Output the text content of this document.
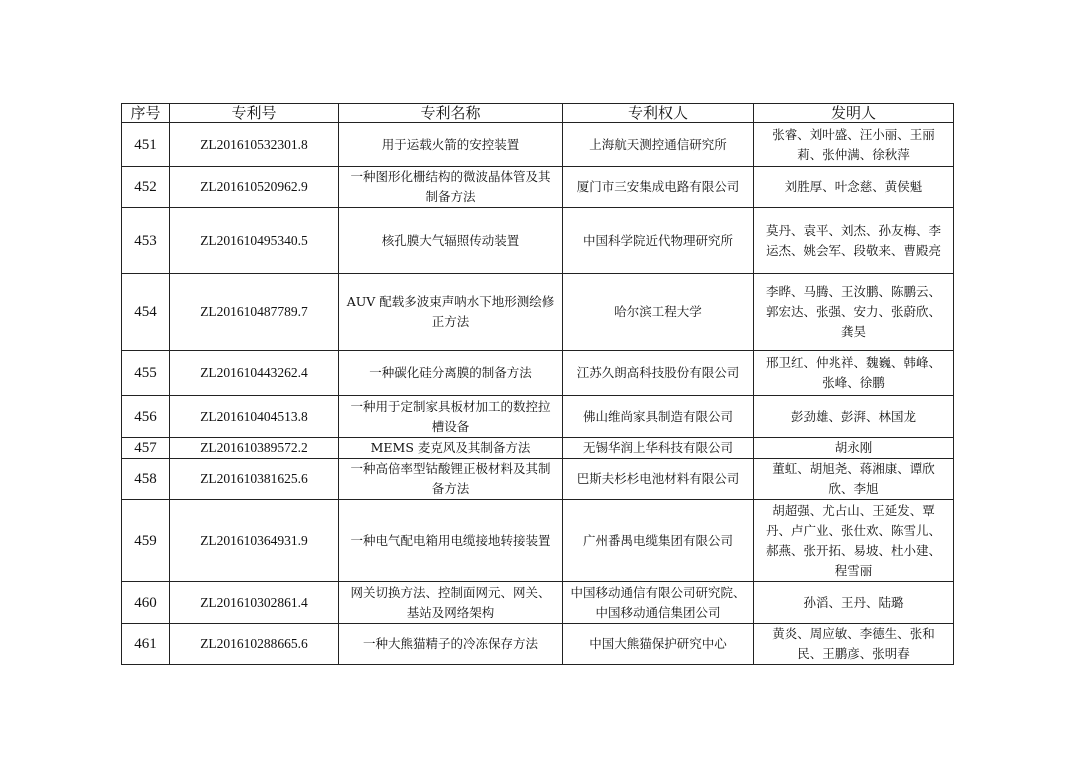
序号	专利号	专利名称	专利权人	发明人
451	ZL201610532301.8	用于运载火箭的安控装置	上海航天测控通信研究所	张睿、刘叶盛、汪小丽、王丽莉、张仲满、徐秋萍
452	ZL201610520962.9	一种图形化栅结构的微波晶体管及其制备方法	厦门市三安集成电路有限公司	刘胜厚、叶念慈、黄侯魁
453	ZL201610495340.5	核孔膜大气辐照传动装置	中国科学院近代物理研究所	莫丹、袁平、刘杰、孙友梅、李运杰、姚会军、段敬来、曹殿亮
454	ZL201610487789.7	AUV 配载多波束声呐水下地形测绘修正方法	哈尔滨工程大学	李晔、马腾、王汝鹏、陈鹏云、郭宏达、张强、安力、张蔚欣、龚昊
455	ZL201610443262.4	一种碳化硅分离膜的制备方法	江苏久朗高科技股份有限公司	邢卫红、仲兆祥、魏巍、韩峰、张峰、徐鹏
456	ZL201610404513.8	一种用于定制家具板材加工的数控拉槽设备	佛山维尚家具制造有限公司	彭劲雄、彭湃、林国龙
457	ZL201610389572.2	MEMS 麦克风及其制备方法	无锡华润上华科技有限公司	胡永刚
458	ZL201610381625.6	一种高倍率型钴酸锂正极材料及其制备方法	巴斯夫杉杉电池材料有限公司	董虹、胡旭尧、蒋湘康、谭欣欣、李旭
459	ZL201610364931.9	一种电气配电箱用电缆接地转接装置	广州番禺电缆集团有限公司	胡超强、尤占山、王延发、覃丹、卢广业、张仕欢、陈雪儿、郝燕、张开拓、易坡、杜小建、程雪丽
460	ZL201610302861.4	网关切换方法、控制面网元、网关、基站及网络架构	中国移动通信有限公司研究院、中国移动通信集团公司	孙滔、王丹、陆璐
461	ZL201610288665.6	一种大熊猫精子的冷冻保存方法	中国大熊猫保护研究中心	黄炎、周应敏、李德生、张和民、王鹏彦、张明春
